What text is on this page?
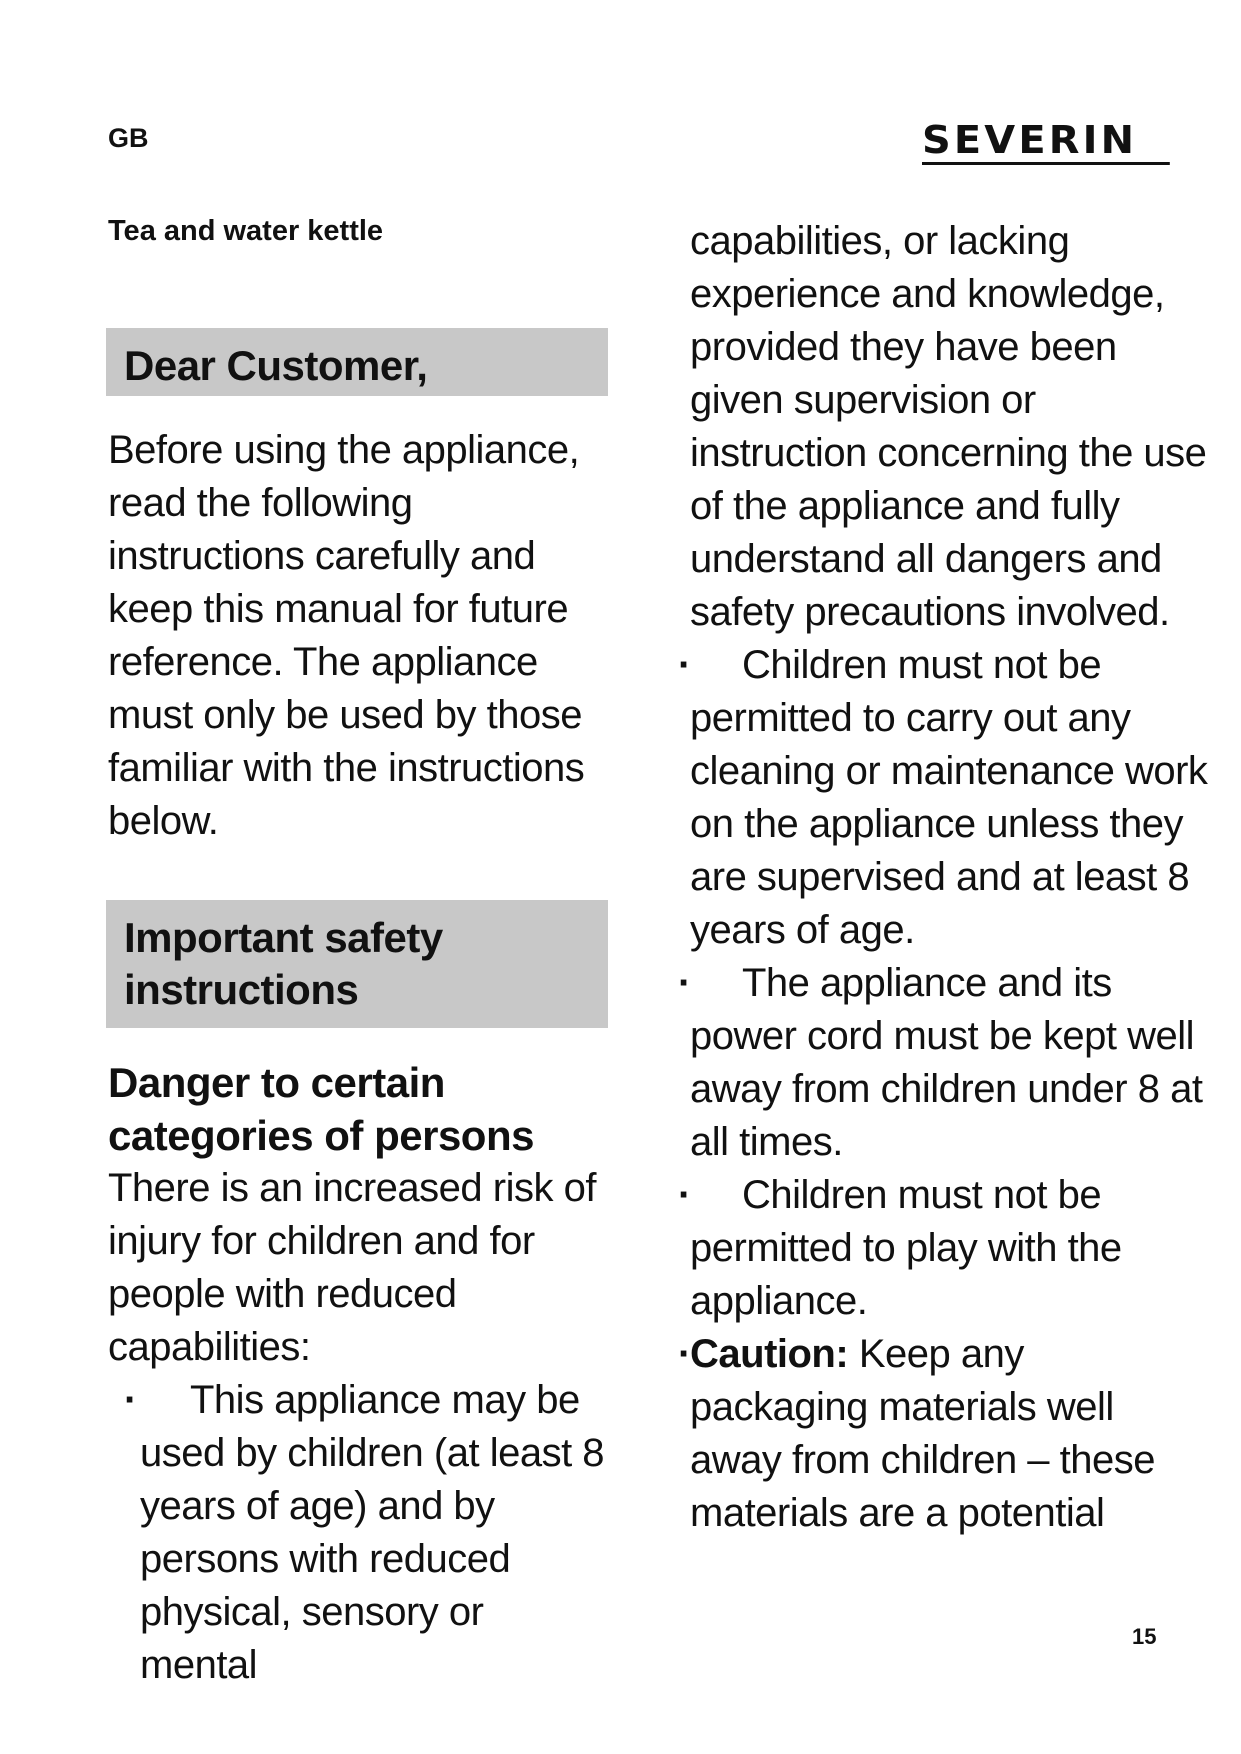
GB	SEVERIN
Tea and water kettle
Dear Customer,
Before using the appliance, read the following instructions carefully and keep this manual for future reference. The appliance must only be used by those familiar with the instructions below.
Important safety instructions
Danger to certain categories of persons
There is an increased risk of injury for children and for people with reduced capabilities:
·	This appliance may be used by children (at least 8 years of age) and by persons with reduced physical, sensory or mental
capabilities, or lacking experience and knowledge, provided they have been given supervision or instruction concerning the use of the appliance and fully understand all dangers and safety precautions involved.
·	Children must not be permitted to carry out any cleaning or maintenance work on the appliance unless they are supervised and at least 8 years of age.
·	The appliance and its power cord must be kept well away from children under 8 at all times.
·	Children must not be permitted to play with the appliance.
· Caution: Keep any packaging materials well away from children – these materials are a potential
15
